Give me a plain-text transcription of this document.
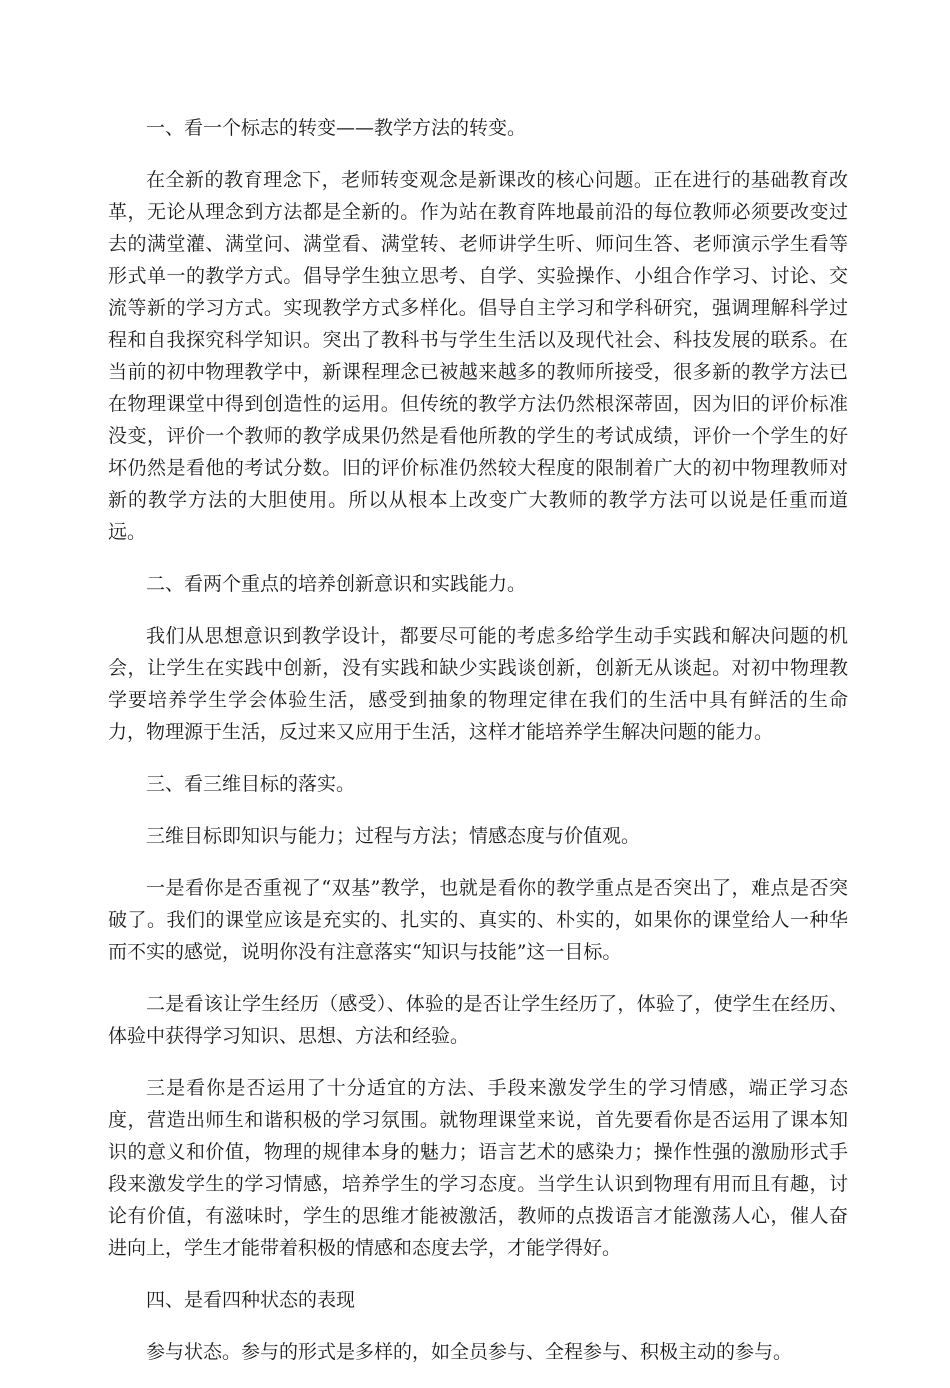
一、看一个标志的转变——教学方法的转变。

在全新的教育理念下，老师转变观念是新课改的核心问题。正在进行的基础教育改革，无论从理念到方法都是全新的。作为站在教育阵地最前沿的每位教师必须要改变过去的满堂灌、满堂问、满堂看、满堂转、老师讲学生听、师问生答、老师演示学生看等形式单一的教学方式。倡导学生独立思考、自学、实验操作、小组合作学习、讨论、交流等新的学习方式。实现教学方式多样化。倡导自主学习和学科研究，强调理解科学过程和自我探究科学知识。突出了教科书与学生生活以及现代社会、科技发展的联系。在当前的初中物理教学中，新课程理念已被越来越多的教师所接受，很多新的教学方法已在物理课堂中得到创造性的运用。但传统的教学方法仍然根深蒂固，因为旧的评价标准没变，评价一个教师的教学成果仍然是看他所教的学生的考试成绩，评价一个学生的好坏仍然是看他的考试分数。旧的评价标准仍然较大程度的限制着广大的初中物理教师对新的教学方法的大胆使用。所以从根本上改变广大教师的教学方法可以说是任重而道远。

二、看两个重点的培养创新意识和实践能力。

我们从思想意识到教学设计，都要尽可能的考虑多给学生动手实践和解决问题的机会，让学生在实践中创新，没有实践和缺少实践谈创新，创新无从谈起。对初中物理教学要培养学生学会体验生活，感受到抽象的物理定律在我们的生活中具有鲜活的生命力，物理源于生活，反过来又应用于生活，这样才能培养学生解决问题的能力。

三、看三维目标的落实。

三维目标即知识与能力；过程与方法；情感态度与价值观。

一是看你是否重视了“双基”教学，也就是看你的教学重点是否突出了，难点是否突破了。我们的课堂应该是充实的、扎实的、真实的、朴实的，如果你的课堂给人一种华而不实的感觉，说明你没有注意落实“知识与技能”这一目标。

二是看该让学生经历（感受）、体验的是否让学生经历了，体验了，使学生在经历、体验中获得学习知识、思想、方法和经验。

三是看你是否运用了十分适宜的方法、手段来激发学生的学习情感，端正学习态度，营造出师生和谐积极的学习氛围。就物理课堂来说，首先要看你是否运用了课本知识的意义和价值，物理的规律本身的魅力；语言艺术的感染力；操作性强的激励形式手段来激发学生的学习情感，培养学生的学习态度。当学生认识到物理有用而且有趣，讨论有价值，有滋味时，学生的思维才能被激活，教师的点拨语言才能激荡人心，催人奋进向上，学生才能带着积极的情感和态度去学，才能学得好。

四、是看四种状态的表现

参与状态。参与的形式是多样的，如全员参与、全程参与、积极主动的参与。
